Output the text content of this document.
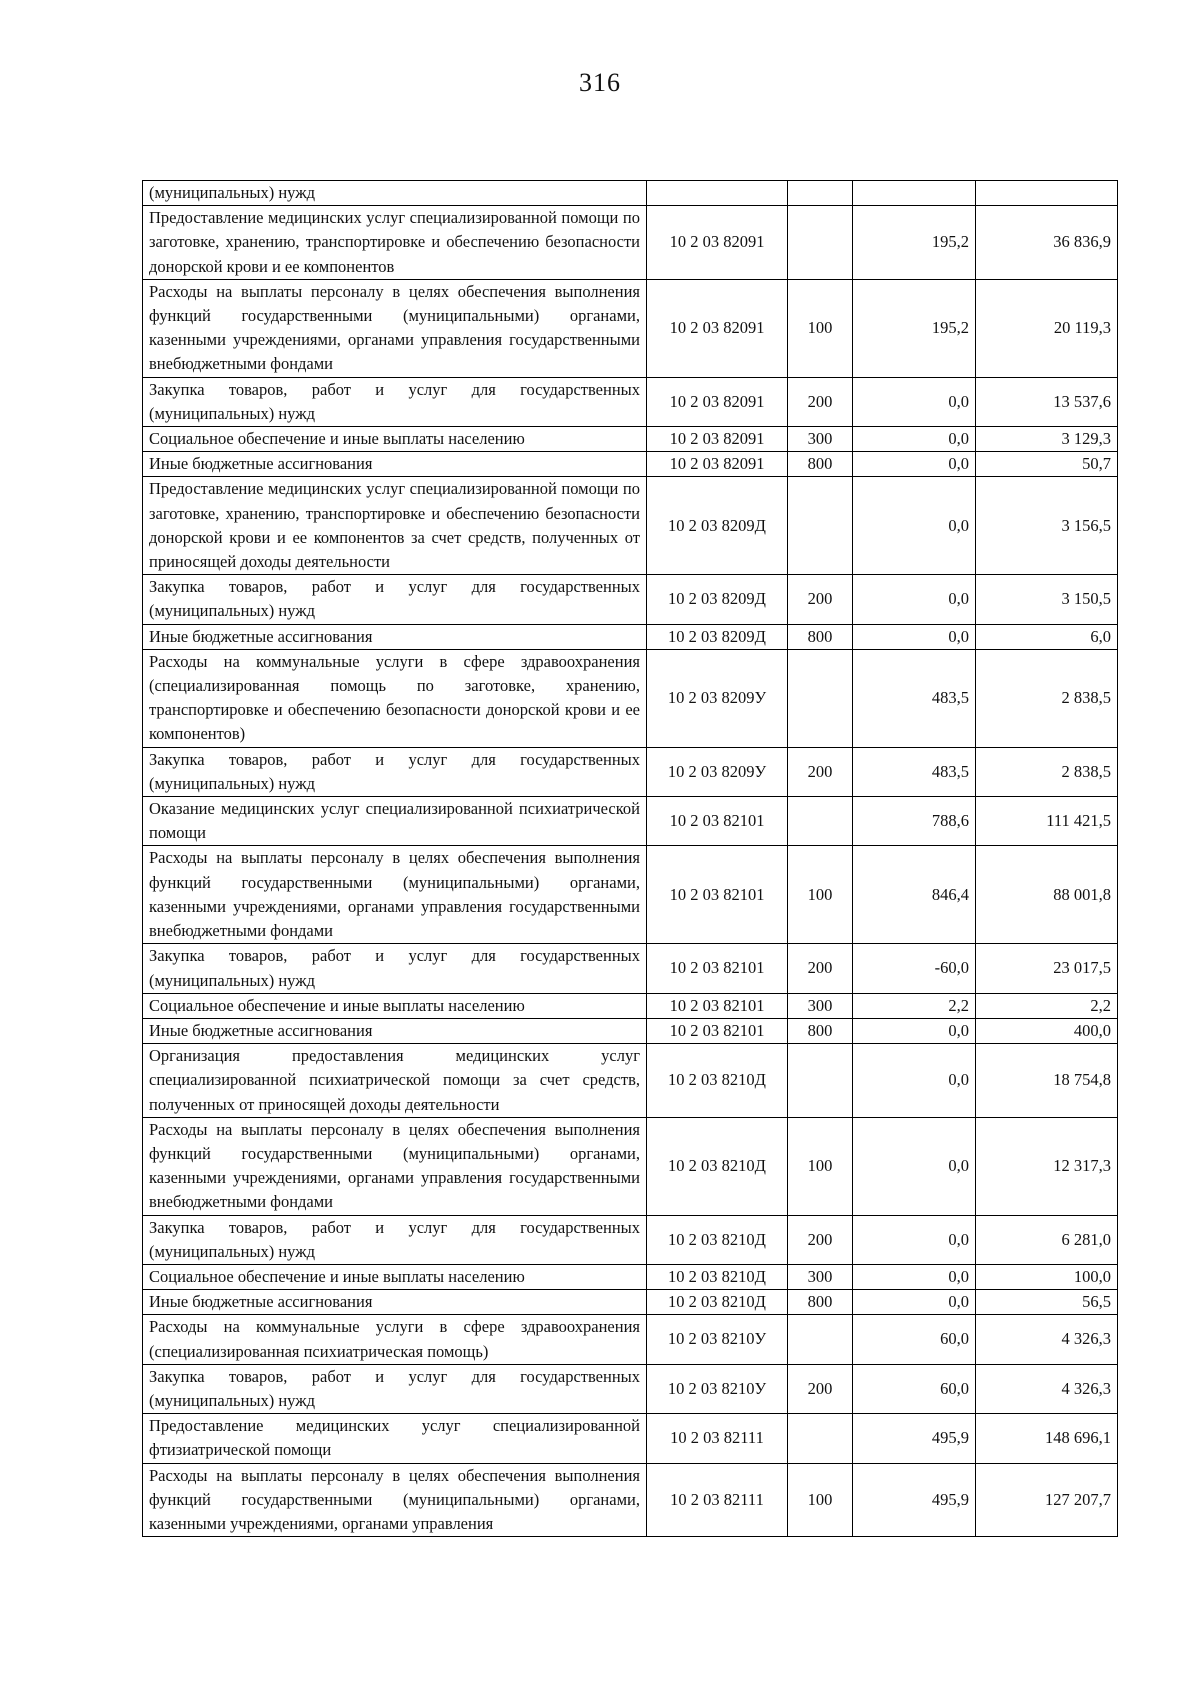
316
(муниципальных) нужд				
Предоставление медицинских услуг специализированной помощи по заготовке, хранению, транспортировке и обеспечению безопасности донорской крови и ее компонентов	10 2 03 82091		195,2	36 836,9
Расходы на выплаты персоналу в целях обеспечения выполнения функций государственными (муниципальными) органами, казенными учреждениями, органами управления государственными внебюджетными фондами	10 2 03 82091	100	195,2	20 119,3
Закупка товаров, работ и услуг для государственных (муниципальных) нужд	10 2 03 82091	200	0,0	13 537,6
Социальное обеспечение и иные выплаты населению	10 2 03 82091	300	0,0	3 129,3
Иные бюджетные ассигнования	10 2 03 82091	800	0,0	50,7
Предоставление медицинских услуг специализированной помощи по заготовке, хранению, транспортировке и обеспечению безопасности донорской крови и ее компонентов за счет средств, полученных от приносящей доходы деятельности	10 2 03 8209Д		0,0	3 156,5
Закупка товаров, работ и услуг для государственных (муниципальных) нужд	10 2 03 8209Д	200	0,0	3 150,5
Иные бюджетные ассигнования	10 2 03 8209Д	800	0,0	6,0
Расходы на коммунальные услуги в сфере здравоохранения (специализированная помощь по заготовке, хранению, транспортировке и обеспечению безопасности донорской крови и ее компонентов)	10 2 03 8209У		483,5	2 838,5
Закупка товаров, работ и услуг для государственных (муниципальных) нужд	10 2 03 8209У	200	483,5	2 838,5
Оказание медицинских услуг специализированной психиатрической помощи	10 2 03 82101		788,6	111 421,5
Расходы на выплаты персоналу в целях обеспечения выполнения функций государственными (муниципальными) органами, казенными учреждениями, органами управления государственными внебюджетными фондами	10 2 03 82101	100	846,4	88 001,8
Закупка товаров, работ и услуг для государственных (муниципальных) нужд	10 2 03 82101	200	-60,0	23 017,5
Социальное обеспечение и иные выплаты населению	10 2 03 82101	300	2,2	2,2
Иные бюджетные ассигнования	10 2 03 82101	800	0,0	400,0
Организация предоставления медицинских услуг специализированной психиатрической помощи за счет средств, полученных от приносящей доходы деятельности	10 2 03 8210Д		0,0	18 754,8
Расходы на выплаты персоналу в целях обеспечения выполнения функций государственными (муниципальными) органами, казенными учреждениями, органами управления государственными внебюджетными фондами	10 2 03 8210Д	100	0,0	12 317,3
Закупка товаров, работ и услуг для государственных (муниципальных) нужд	10 2 03 8210Д	200	0,0	6 281,0
Социальное обеспечение и иные выплаты населению	10 2 03 8210Д	300	0,0	100,0
Иные бюджетные ассигнования	10 2 03 8210Д	800	0,0	56,5
Расходы на коммунальные услуги в сфере здравоохранения (специализированная психиатрическая помощь)	10 2 03 8210У		60,0	4 326,3
Закупка товаров, работ и услуг для государственных (муниципальных) нужд	10 2 03 8210У	200	60,0	4 326,3
Предоставление медицинских услуг специализированной фтизиатрической помощи	10 2 03 82111		495,9	148 696,1
Расходы на выплаты персоналу в целях обеспечения выполнения функций государственными (муниципальными) органами, казенными учреждениями, органами управления	10 2 03 82111	100	495,9	127 207,7
